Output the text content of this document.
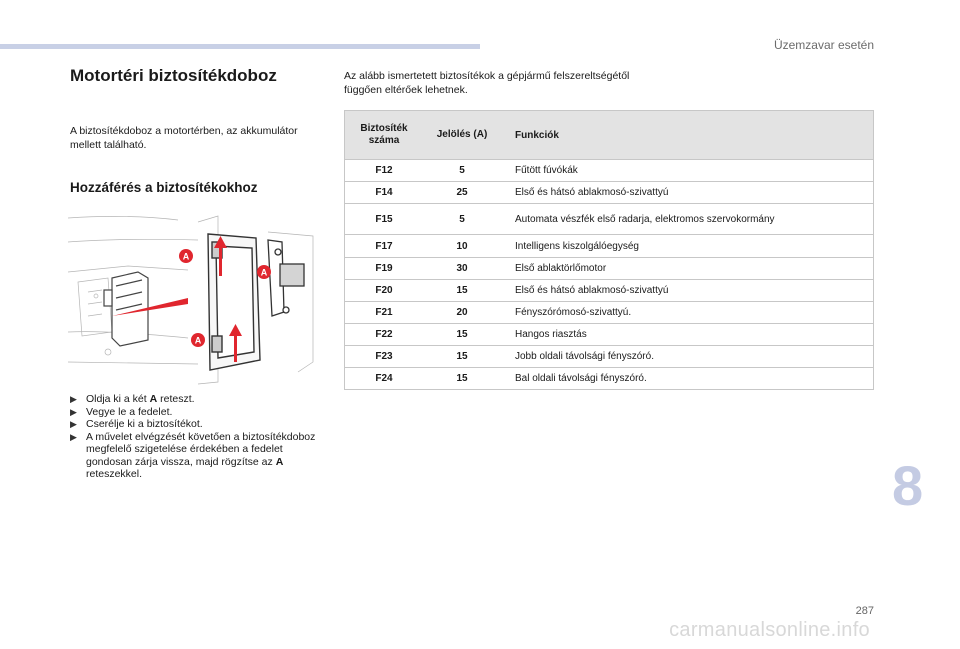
Üzemzavar esetén
Motortéri biztosítékdoboz
A biztosítékdoboz a motortérben, az akkumulátor mellett található.
Hozzáférés a biztosítékokhoz
A
A
A
▶ Oldja ki a két A reteszt.
▶ Vegye le a fedelet.
▶ Cserélje ki a biztosítékot.
▶ A művelet elvégzését követően a biztosítékdoboz megfelelő szigetelése érdekében a fedelet gondosan zárja vissza, majd rögzítse az A reteszekkel.
Az alább ismertetett biztosítékok a gépjármű felszereltségétől függően eltérőek lehetnek.
Biztosíték száma	Jelölés (A)	Funkciók
F12	5	Fűtött fúvókák
F14	25	Első és hátsó ablakmosó-szivattyú
F15	5	Automata vészfék első radarja, elektromos szervokormány
F17	10	Intelligens kiszolgálóegység
F19	30	Első ablaktörlőmotor
F20	15	Első és hátsó ablakmosó-szivattyú
F21	20	Fényszórómosó-szivattyú.
F22	15	Hangos riasztás
F23	15	Jobb oldali távolsági fényszóró.
F24	15	Bal oldali távolsági fényszóró.
8
287
carmanualsonline.info
